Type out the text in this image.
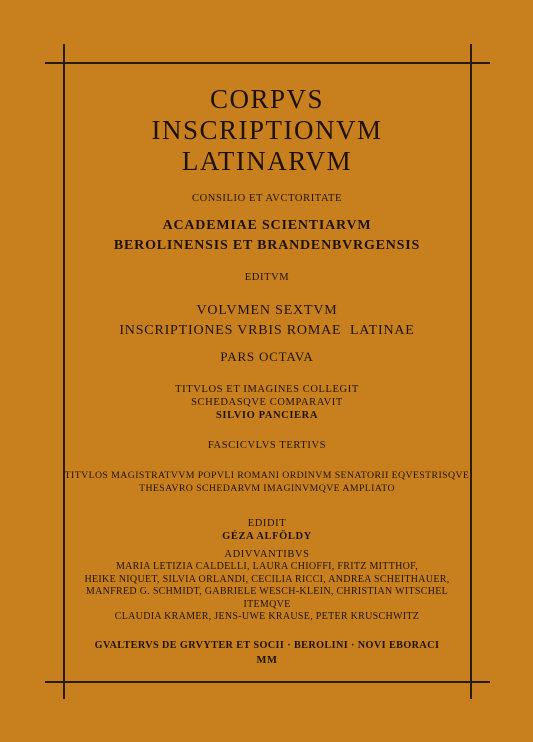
CORPVS
INSCRIPTIONVM LATINARVM
CONSILIO ET AVCTORITATE
ACADEMIAE SCIENTIARVM
BEROLINENSIS ET BRANDENBVRGENSIS
EDITVM
VOLVMEN SEXTVM
INSCRIPTIONES VRBIS ROMAE  LATINAE
PARS OCTAVA
TITVLOS ET IMAGINES COLLEGIT
SCHEDASQVE COMPARAVIT
SILVIO PANCIERA
FASCICVLVS TERTIVS
TITVLOS MAGISTRATVVM POPVLI ROMANI ORDINVM SENATORII EQVESTRISQVE
THESAVRO SCHEDARVM IMAGINVMQVE AMPLIATO
EDIDIT
GÉZA ALFÖLDY
ADIVVANTIBVS
MARIA LETIZIA CALDELLI, LAURA CHIOFFI, FRITZ MITTHOF,
HEIKE NIQUET, SILVIA ORLANDI, CECILIA RICCI, ANDREA SCHEITHAUER,
MANFRED G. SCHMIDT, GABRIELE WESCH-KLEIN, CHRISTIAN WITSCHEL
ITEMQVE
CLAUDIA KRAMER, JENS-UWE KRAUSE, PETER KRUSCHWITZ
GVALTERVS DE GRVYTER ET SOCII · BEROLINI · NOVI EBORACI
MM
